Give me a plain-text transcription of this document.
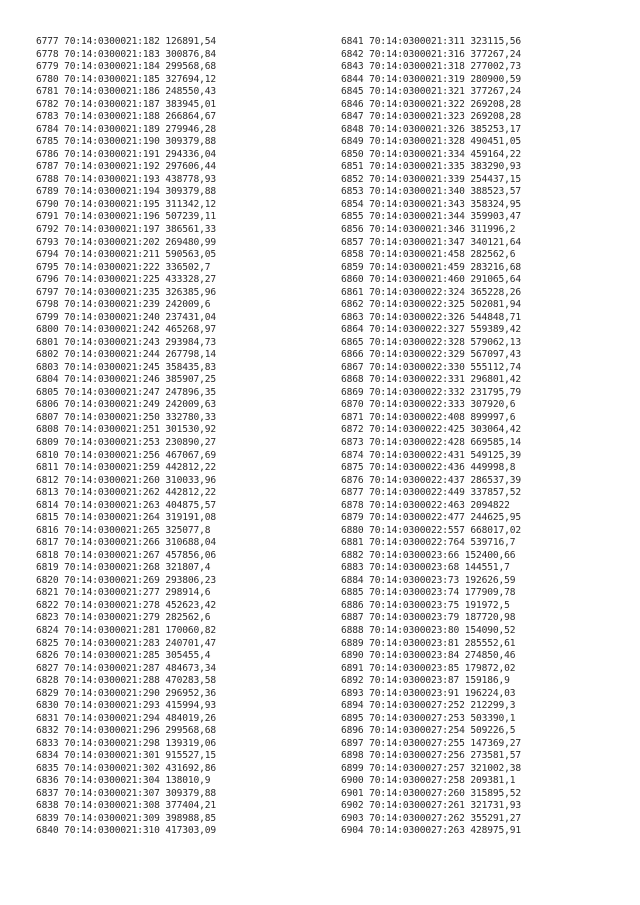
6777 70:14:0300021:182 126891,54
6778 70:14:0300021:183 300876,84
6779 70:14:0300021:184 299568,68
6780 70:14:0300021:185 327694,12
6781 70:14:0300021:186 248550,43
6782 70:14:0300021:187 383945,01
6783 70:14:0300021:188 266864,67
6784 70:14:0300021:189 279946,28
6785 70:14:0300021:190 309379,88
6786 70:14:0300021:191 294336,04
6787 70:14:0300021:192 297606,44
6788 70:14:0300021:193 438778,93
6789 70:14:0300021:194 309379,88
6790 70:14:0300021:195 311342,12
6791 70:14:0300021:196 507239,11
6792 70:14:0300021:197 386561,33
6793 70:14:0300021:202 269480,99
6794 70:14:0300021:211 590563,05
6795 70:14:0300021:222 336502,7
6796 70:14:0300021:225 433328,27
6797 70:14:0300021:235 326385,96
6798 70:14:0300021:239 242009,6
6799 70:14:0300021:240 237431,04
6800 70:14:0300021:242 465268,97
6801 70:14:0300021:243 293984,73
6802 70:14:0300021:244 267798,14
6803 70:14:0300021:245 358435,83
6804 70:14:0300021:246 385907,25
6805 70:14:0300021:247 247896,35
6806 70:14:0300021:249 242009,63
6807 70:14:0300021:250 332780,33
6808 70:14:0300021:251 301530,92
6809 70:14:0300021:253 230890,27
6810 70:14:0300021:256 467067,69
6811 70:14:0300021:259 442812,22
6812 70:14:0300021:260 310033,96
6813 70:14:0300021:262 442812,22
6814 70:14:0300021:263 404875,57
6815 70:14:0300021:264 319191,08
6816 70:14:0300021:265 325077,8
6817 70:14:0300021:266 310688,04
6818 70:14:0300021:267 457856,06
6819 70:14:0300021:268 321807,4
6820 70:14:0300021:269 293806,23
6821 70:14:0300021:277 298914,6
6822 70:14:0300021:278 452623,42
6823 70:14:0300021:279 282562,6
6824 70:14:0300021:281 170060,82
6825 70:14:0300021:283 240701,47
6826 70:14:0300021:285 305455,4
6827 70:14:0300021:287 484673,34
6828 70:14:0300021:288 470283,58
6829 70:14:0300021:290 296952,36
6830 70:14:0300021:293 415994,93
6831 70:14:0300021:294 484019,26
6832 70:14:0300021:296 299568,68
6833 70:14:0300021:298 139319,06
6834 70:14:0300021:301 915527,15
6835 70:14:0300021:302 431692,86
6836 70:14:0300021:304 138010,9
6837 70:14:0300021:307 309379,88
6838 70:14:0300021:308 377404,21
6839 70:14:0300021:309 398988,85
6840 70:14:0300021:310 417303,09
6841 70:14:0300021:311 323115,56
6842 70:14:0300021:316 377267,24
6843 70:14:0300021:318 277002,73
6844 70:14:0300021:319 280900,59
6845 70:14:0300021:321 377267,24
6846 70:14:0300021:322 269208,28
6847 70:14:0300021:323 269208,28
6848 70:14:0300021:326 385253,17
6849 70:14:0300021:328 490451,05
6850 70:14:0300021:334 459164,22
6851 70:14:0300021:335 383290,93
6852 70:14:0300021:339 254437,15
6853 70:14:0300021:340 388523,57
6854 70:14:0300021:343 358324,95
6855 70:14:0300021:344 359903,47
6856 70:14:0300021:346 311996,2
6857 70:14:0300021:347 340121,64
6858 70:14:0300021:458 282562,6
6859 70:14:0300021:459 283216,68
6860 70:14:0300021:460 291065,64
6861 70:14:0300022:324 365228,26
6862 70:14:0300022:325 502081,94
6863 70:14:0300022:326 544848,71
6864 70:14:0300022:327 559389,42
6865 70:14:0300022:328 579062,13
6866 70:14:0300022:329 567097,43
6867 70:14:0300022:330 555112,74
6868 70:14:0300022:331 296801,42
6869 70:14:0300022:332 231795,79
6870 70:14:0300022:333 307920,6
6871 70:14:0300022:408 899997,6
6872 70:14:0300022:425 303064,42
6873 70:14:0300022:428 669585,14
6874 70:14:0300022:431 549125,39
6875 70:14:0300022:436 449998,8
6876 70:14:0300022:437 286537,39
6877 70:14:0300022:449 337857,52
6878 70:14:0300022:463 2094822
6879 70:14:0300022:477 244625,95
6880 70:14:0300022:557 668017,02
6881 70:14:0300022:764 539716,7
6882 70:14:0300023:66 152400,66
6883 70:14:0300023:68 144551,7
6884 70:14:0300023:73 192626,59
6885 70:14:0300023:74 177909,78
6886 70:14:0300023:75 191972,5
6887 70:14:0300023:79 187720,98
6888 70:14:0300023:80 154090,52
6889 70:14:0300023:81 285552,61
6890 70:14:0300023:84 274850,46
6891 70:14:0300023:85 179872,02
6892 70:14:0300023:87 159186,9
6893 70:14:0300023:91 196224,03
6894 70:14:0300027:252 212299,3
6895 70:14:0300027:253 503390,1
6896 70:14:0300027:254 509226,5
6897 70:14:0300027:255 147369,27
6898 70:14:0300027:256 273581,57
6899 70:14:0300027:257 321002,38
6900 70:14:0300027:258 209381,1
6901 70:14:0300027:260 315895,52
6902 70:14:0300027:261 321731,93
6903 70:14:0300027:262 355291,27
6904 70:14:0300027:263 428975,91
